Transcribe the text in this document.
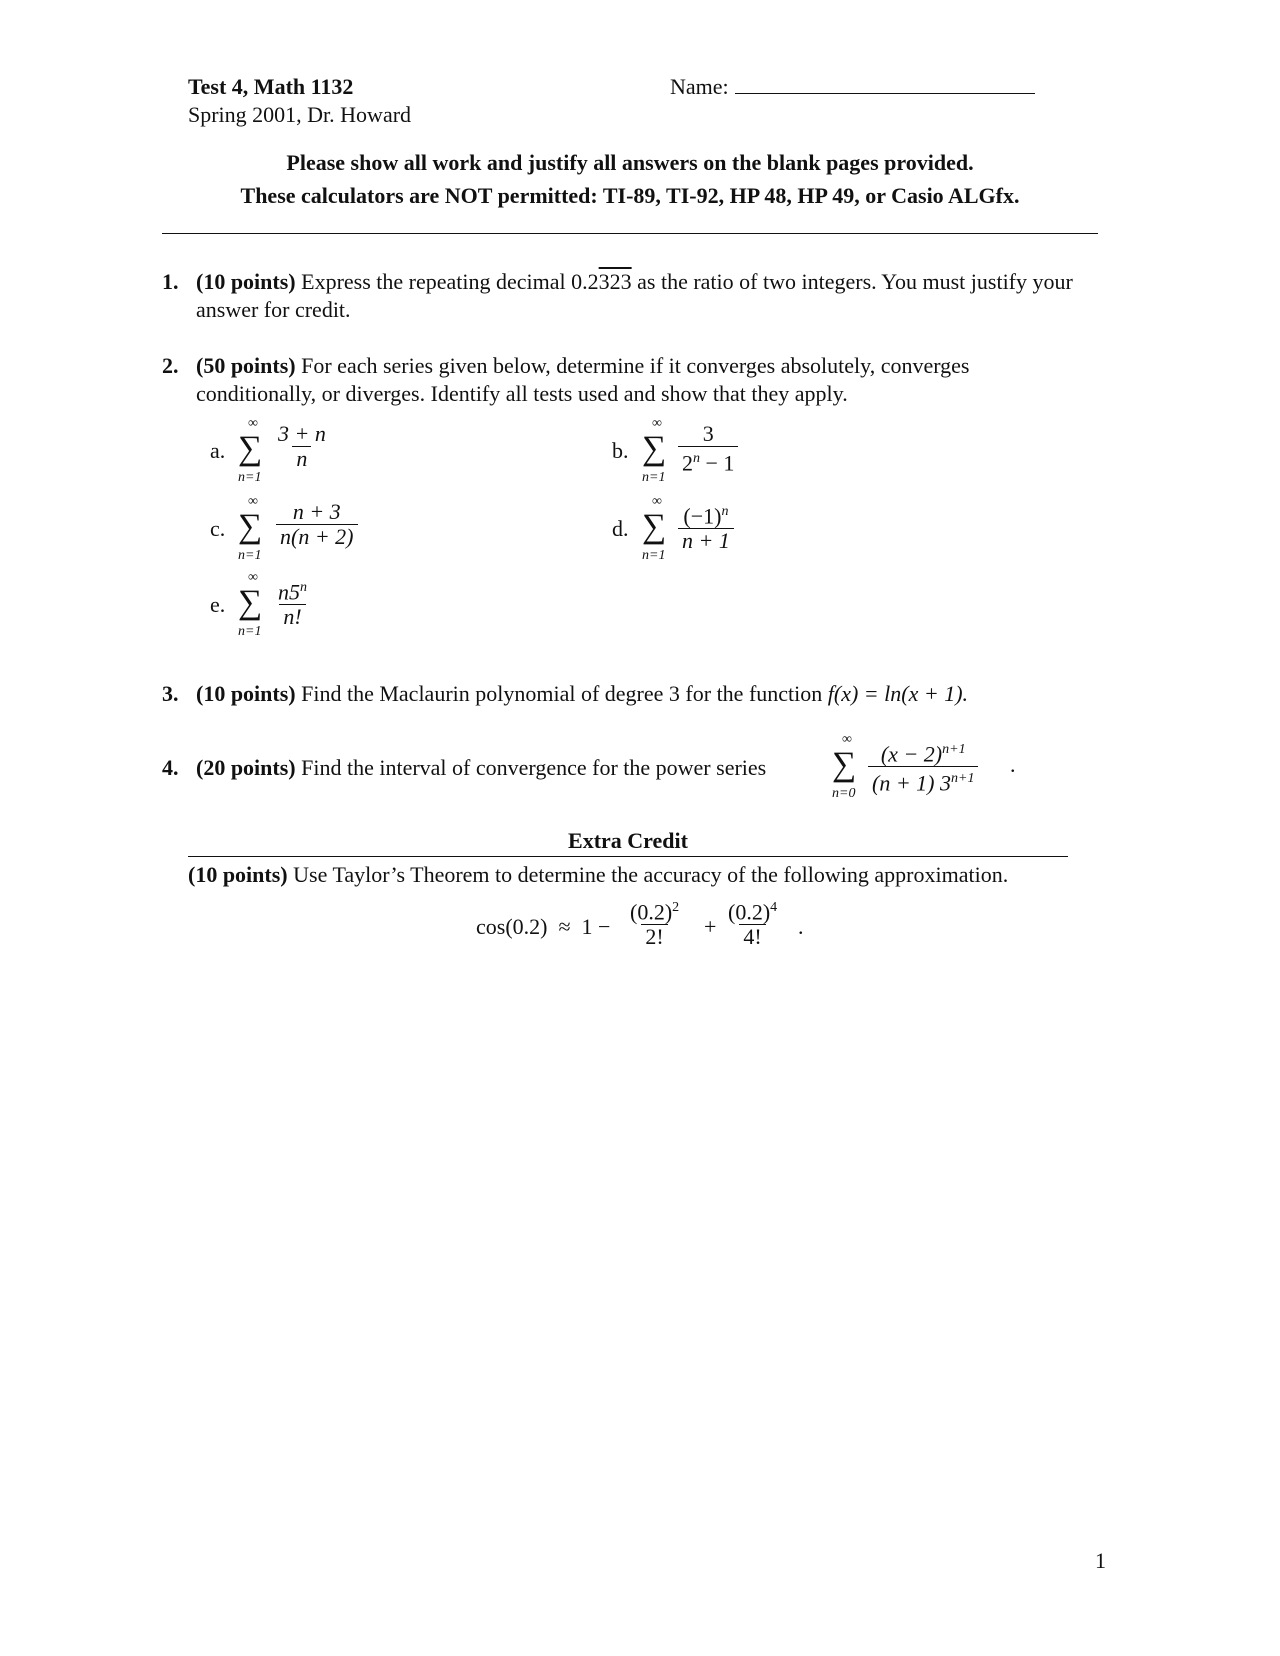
Test 4, Math 1132
Spring 2001, Dr. Howard
Name:
Please show all work and justify all answers on the blank pages provided.
These calculators are NOT permitted: TI-89, TI-92, HP 48, HP 49, or Casio ALGfx.
1. (10 points) Express the repeating decimal 0.2323 as the ratio of two integers. You must justify your answer for credit.
2. (50 points) For each series given below, determine if it converges absolutely, converges conditionally, or diverges. Identify all tests used and show that they apply.
a.
∞
∑
n=1
$\frac{3 + n}{n}$	b.
∞
∑
n=1
$\frac{3}{2^n - 1}$
c.
∞
∑
n=1
$\frac{n + 3}{n(n + 2)}$	d.
∞
∑
n=1
$\frac{(-1)^n}{n + 1}$
e.
∞
∑
n=1
$\frac{n5^n}{n!}$
3. (10 points) Find the Maclaurin polynomial of degree 3 for the function f(x) = ln(x + 1).
4. (20 points) Find the interval of convergence for the power series
∞
∑
$n=0 \frac{(x - 2)^{n+1}}{(n + 1) 3^{n+1}}$ .
Extra Credit
(10 points) Use Taylor’s Theorem to determine the accuracy of the following approximation.
$\cos(0.2) \approx 1 - \frac{(0.2)^2}{2!} + \frac{(0.2)^4}{4!}$ .
1
